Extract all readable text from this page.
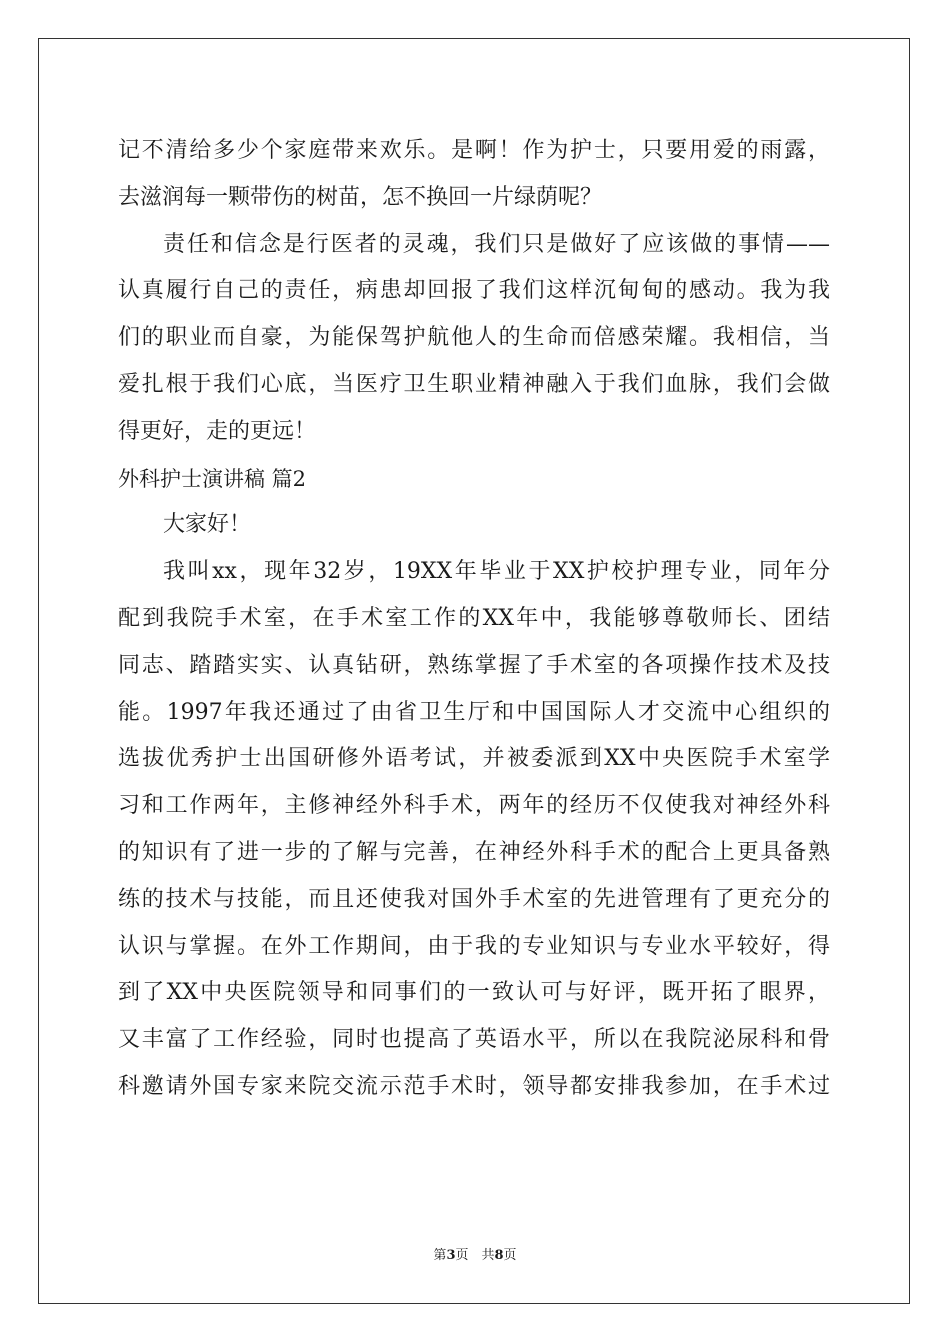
记不清给多少个家庭带来欢乐。是啊！作为护士，只要用爱的雨露，
去滋润每一颗带伤的树苗，怎不换回一片绿荫呢？
责任和信念是行医者的灵魂，我们只是做好了应该做的事情——
认真履行自己的责任，病患却回报了我们这样沉甸甸的感动。我为我
们的职业而自豪，为能保驾护航他人的生命而倍感荣耀。我相信，当
爱扎根于我们心底，当医疗卫生职业精神融入于我们血脉，我们会做
得更好，走的更远！
外科护士演讲稿 篇2
大家好！
我叫xx，现年32岁，19XX年毕业于XX护校护理专业，同年分
配到我院手术室，在手术室工作的XX年中，我能够尊敬师长、团结
同志、踏踏实实、认真钻研，熟练掌握了手术室的各项操作技术及技
能。1997年我还通过了由省卫生厅和中国国际人才交流中心组织的
选拔优秀护士出国研修外语考试，并被委派到XX中央医院手术室学
习和工作两年，主修神经外科手术，两年的经历不仅使我对神经外科
的知识有了进一步的了解与完善，在神经外科手术的配合上更具备熟
练的技术与技能，而且还使我对国外手术室的先进管理有了更充分的
认识与掌握。在外工作期间，由于我的专业知识与专业水平较好，得
到了XX中央医院领导和同事们的一致认可与好评，既开拓了眼界，
又丰富了工作经验，同时也提高了英语水平，所以在我院泌尿科和骨
科邀请外国专家来院交流示范手术时，领导都安排我参加，在手术过
第3页　共8页
